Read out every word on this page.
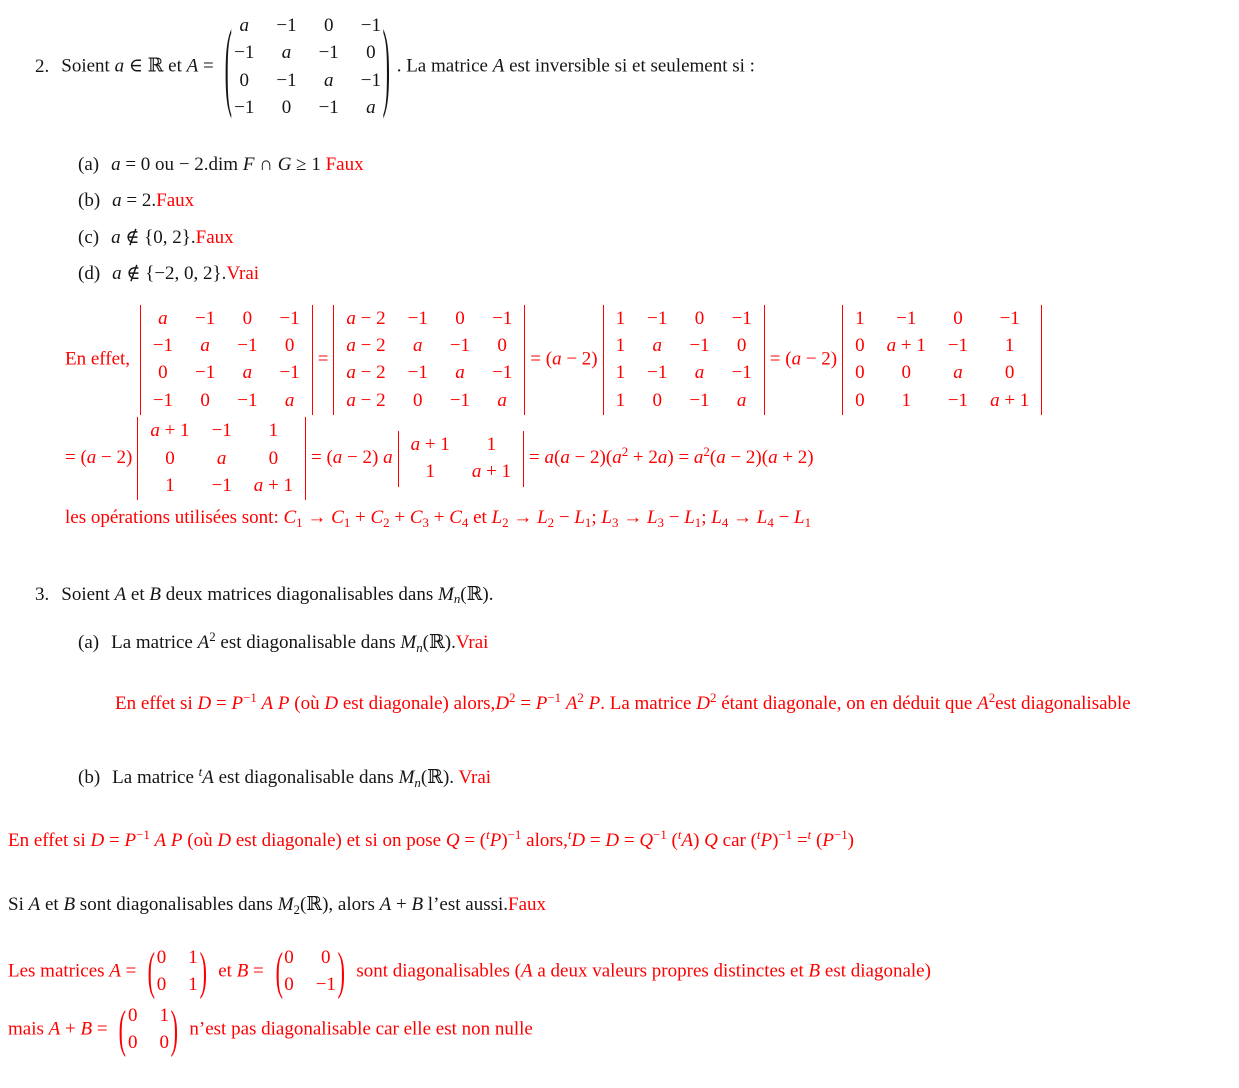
2. Soient a ∈ ℝ et A = ( a −1 0 −1
−1 a −1 0
0 −1 a −1
−1 0 −1 a ) . La matrice A est inversible si et seulement si :
(a) a = 0 ou − 2.dim F ∩ G ≥ 1 Faux
(b) a = 2.Faux
(c) a ∉ {0, 2}.Faux
(d) a ∉ {−2, 0, 2}.Vrai
En effet,
a −1 0 −1
−1 a −1 0
0 −1 a −1
−1 0 −1 a
=
a − 2 −1 0 −1
a − 2 a −1 0
a − 2 −1 a −1
a − 2 0 −1 a
= (a − 2)
1 −1 0 −1
1 a −1 0
1 −1 a −1
1 0 −1 a
= (a − 2)
1 −1 0 −1
0 a + 1 −1 1
0 0 a 0
0 1 −1 a + 1
= (a − 2)
a + 1 −1 1
0 a 0
1 −1 a + 1
= (a − 2) a
a + 1 1
1 a + 1
= $a(a - 2)(a^2 + 2a) = a^2(a - 2)(a + 2)$
les opérations utilisées sont: C1 → C1 + C2 + C3 + C4 et L2 → L2 − L1; L3 → L3 − L1; L4 → L4 − L1
3. Soient A et B deux matrices diagonalisables dans Mn(ℝ).
(a) La matrice $A^2$ est diagonalisable dans Mn(ℝ).Vrai
En effet si $D = P^{-1}$ A P (où D est diagonale) $alors,D^2 = P^{-1}$ $A^2$ P. La matrice $D^2$ étant diagonale, on en déduit que $A^2est$ diagonalisable
(b) La matrice $^t$A est diagonalisable dans Mn(ℝ). Vrai
En effet si $D = P^{-1}$ A P (où D est diagonale) et si on pose $Q = (^tP)^{-1}$ alors,$^t$D = $D = Q^{-1}$ ($^t$A) Q car $(^tP)^{-1} =^t$ $(P^{-1})$
Si A et B sont diagonalisables dans M2(ℝ), alors A + B l’est aussi.Faux
Les matrices A = ( 0 1
0 1 ) et B = ( 0 0
0 −1 ) sont diagonalisables (A a deux valeurs propres distinctes et B est diagonale)
mais A + B = ( 0 1
0 0 ) n’est pas diagonalisable car elle est non nulle
